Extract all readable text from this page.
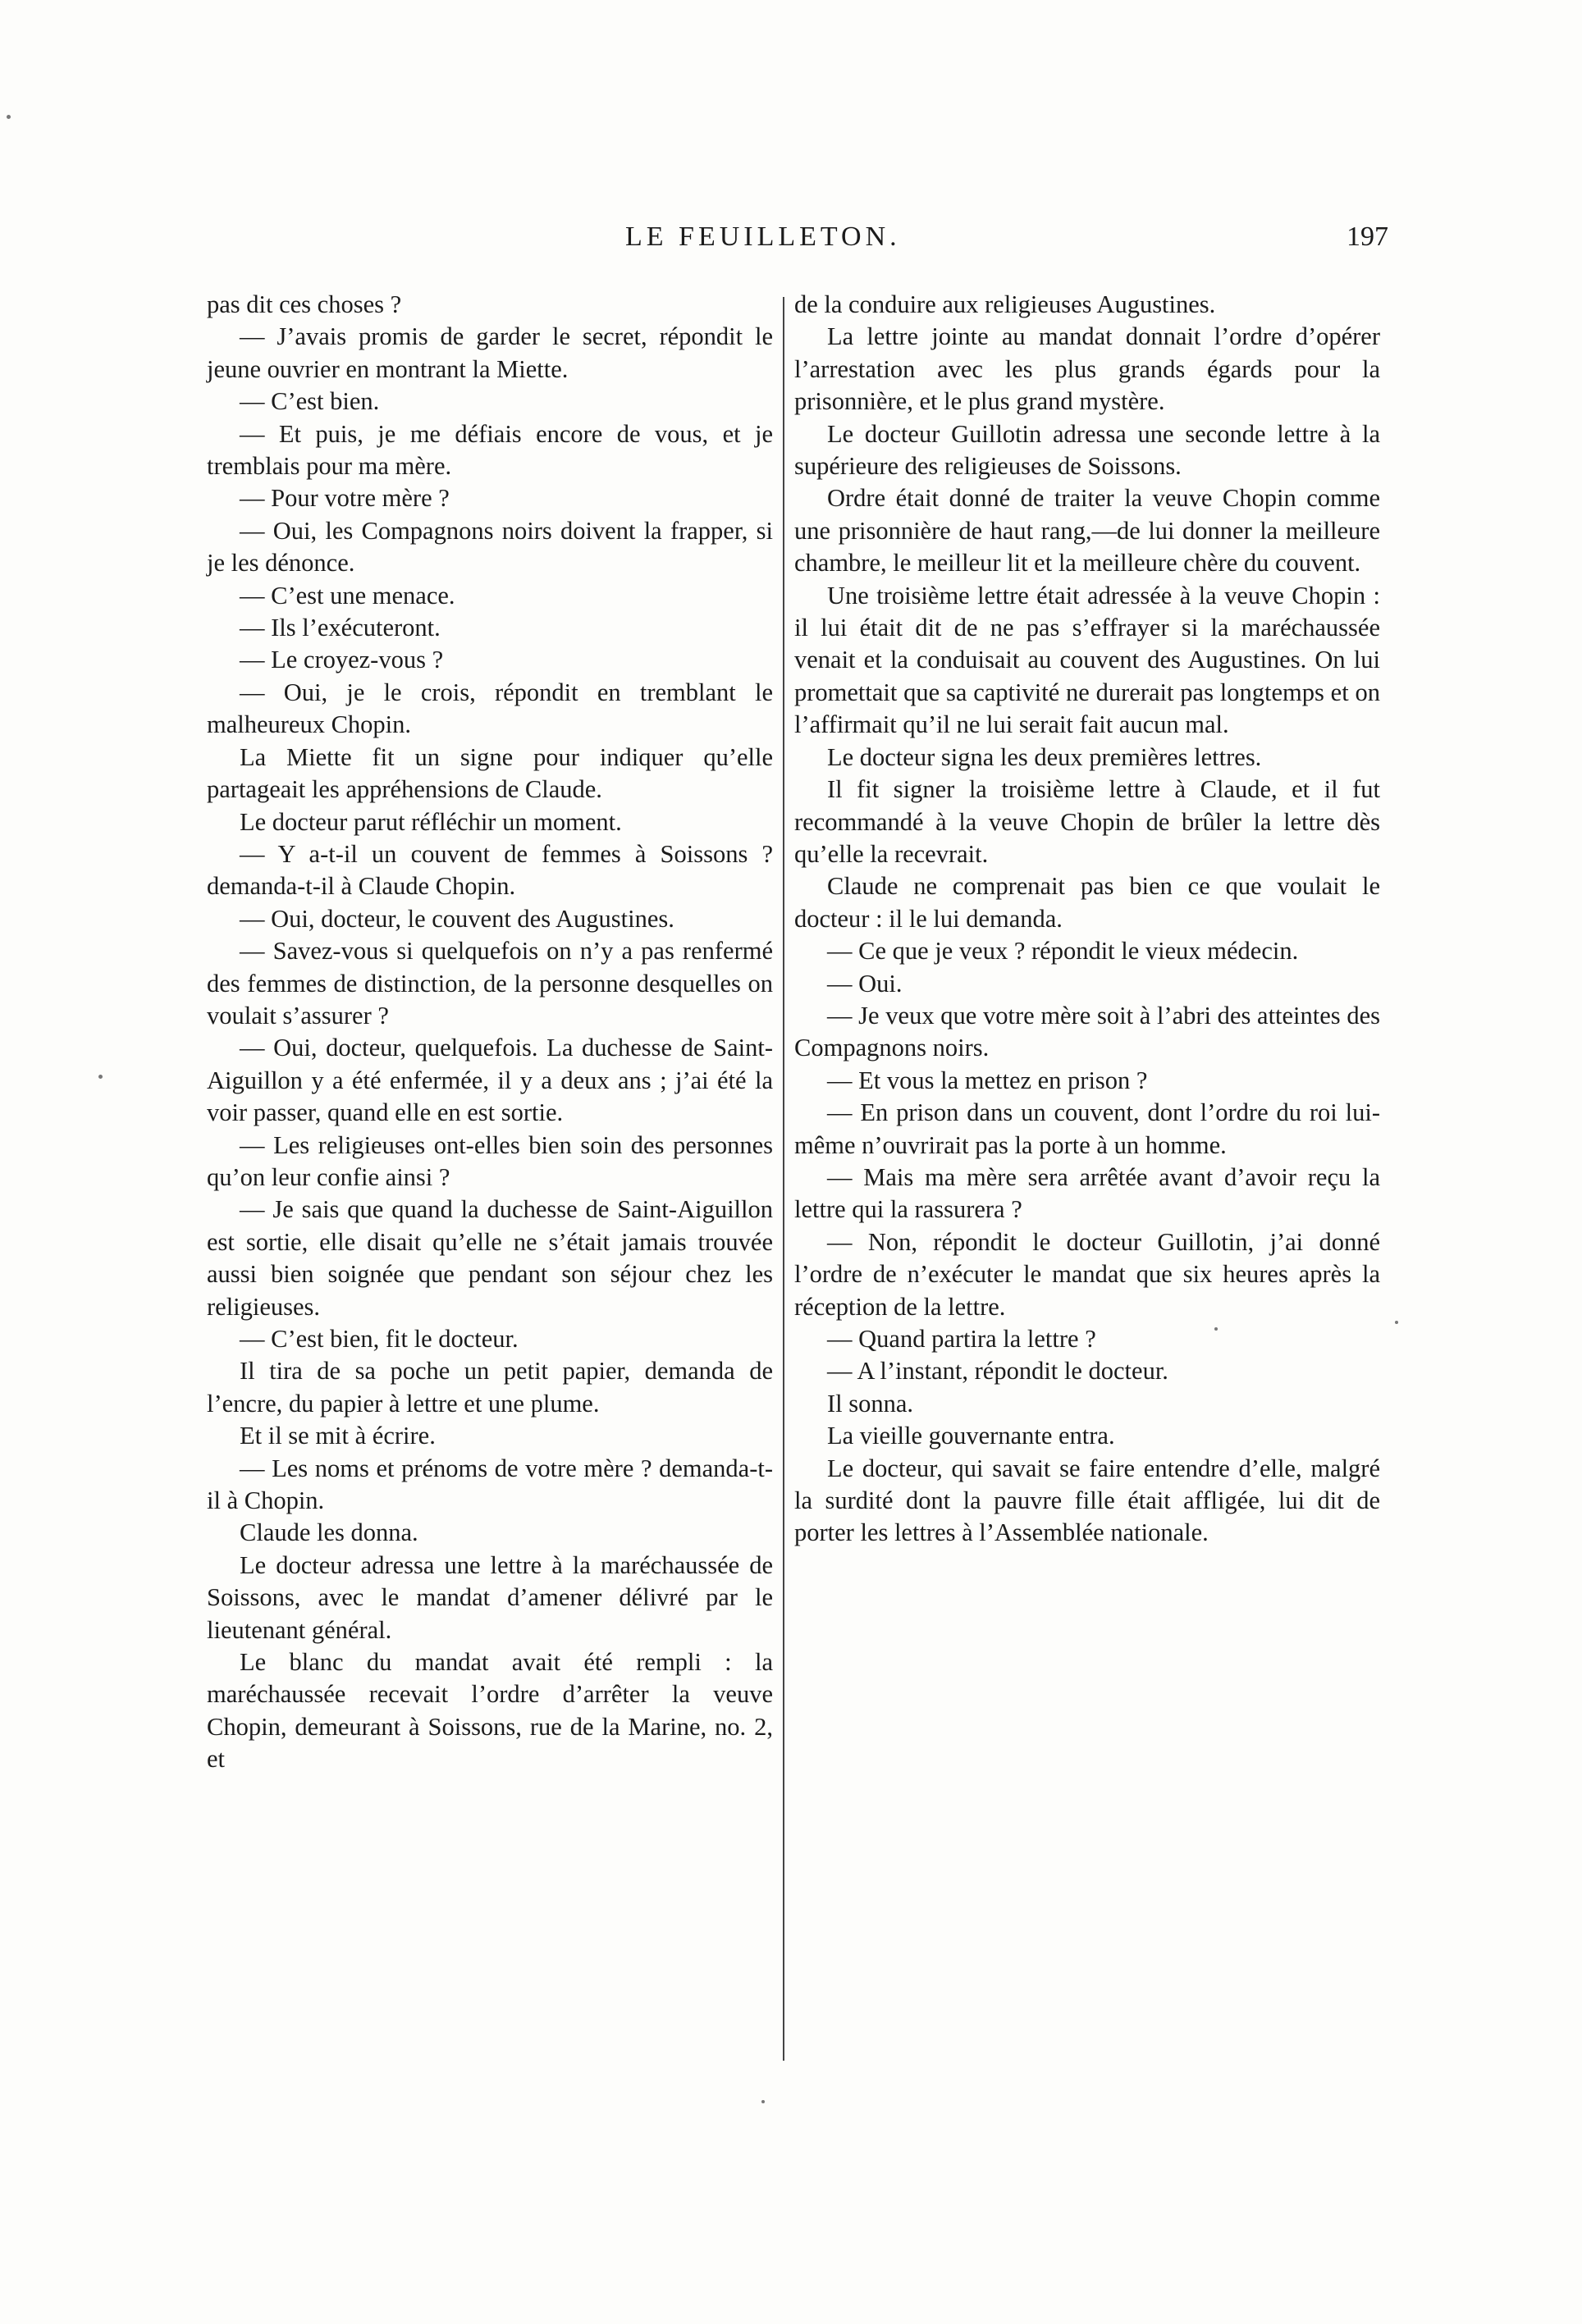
LE FEUILLETON.	197

pas dit ces choses ?

— J’avais promis de garder le secret, répondit le jeune ouvrier en montrant la Miette.

— C’est bien.

— Et puis, je me défiais encore de vous, et je tremblais pour ma mère.

— Pour votre mère ?

— Oui, les Compagnons noirs doivent la frapper, si je les dénonce.

— C’est une menace.

— Ils l’exécuteront.

— Le croyez-vous ?

— Oui, je le crois, répondit en tremblant le malheureux Chopin.

La Miette fit un signe pour indiquer qu’elle partageait les appréhensions de Claude.

Le docteur parut réfléchir un moment.

— Y a-t-il un couvent de femmes à Soissons ? demanda-t-il à Claude Chopin.

— Oui, docteur, le couvent des Augustines.

— Savez-vous si quelquefois on n’y a pas renfermé des femmes de distinction, de la personne desquelles on voulait s’assurer ?

— Oui, docteur, quelquefois. La duchesse de Saint-Aiguillon y a été enfermée, il y a deux ans ; j’ai été la voir passer, quand elle en est sortie.

— Les religieuses ont-elles bien soin des personnes qu’on leur confie ainsi ?

— Je sais que quand la duchesse de Saint-Aiguillon est sortie, elle disait qu’elle ne s’était jamais trouvée aussi bien soignée que pendant son séjour chez les religieuses.

— C’est bien, fit le docteur.

Il tira de sa poche un petit papier, demanda de l’encre, du papier à lettre et une plume.

Et il se mit à écrire.

— Les noms et prénoms de votre mère ? demanda-t-il à Chopin.

Claude les donna.

Le docteur adressa une lettre à la maréchaussée de Soissons, avec le mandat d’amener délivré par le lieutenant général.

Le blanc du mandat avait été rempli : la maréchaussée recevait l’ordre d’arrêter la veuve Chopin, demeurant à Soissons, rue de la Marine, no. 2, et

de la conduire aux religieuses Augustines.

La lettre jointe au mandat donnait l’ordre d’opérer l’arrestation avec les plus grands égards pour la prisonnière, et le plus grand mystère.

Le docteur Guillotin adressa une seconde lettre à la supérieure des religieuses de Soissons.

Ordre était donné de traiter la veuve Chopin comme une prisonnière de haut rang,—de lui donner la meilleure chambre, le meilleur lit et la meilleure chère du couvent.

Une troisième lettre était adressée à la veuve Chopin : il lui était dit de ne pas s’effrayer si la maréchaussée venait et la conduisait au couvent des Augustines. On lui promettait que sa captivité ne durerait pas longtemps et on l’affirmait qu’il ne lui serait fait aucun mal.

Le docteur signa les deux premières lettres.

Il fit signer la troisième lettre à Claude, et il fut recommandé à la veuve Chopin de brûler la lettre dès qu’elle la recevrait.

Claude ne comprenait pas bien ce que voulait le docteur : il le lui demanda.

— Ce que je veux ? répondit le vieux médecin.

— Oui.

— Je veux que votre mère soit à l’abri des atteintes des Compagnons noirs.

— Et vous la mettez en prison ?

— En prison dans un couvent, dont l’ordre du roi lui-même n’ouvrirait pas la porte à un homme.

— Mais ma mère sera arrêtée avant d’avoir reçu la lettre qui la rassurera ?

— Non, répondit le docteur Guillotin, j’ai donné l’ordre de n’exécuter le mandat que six heures après la réception de la lettre.

— Quand partira la lettre ?

— A l’instant, répondit le docteur.

Il sonna.

La vieille gouvernante entra.

Le docteur, qui savait se faire entendre d’elle, malgré la surdité dont la pauvre fille était affligée, lui dit de porter les lettres à l’Assemblée nationale.
